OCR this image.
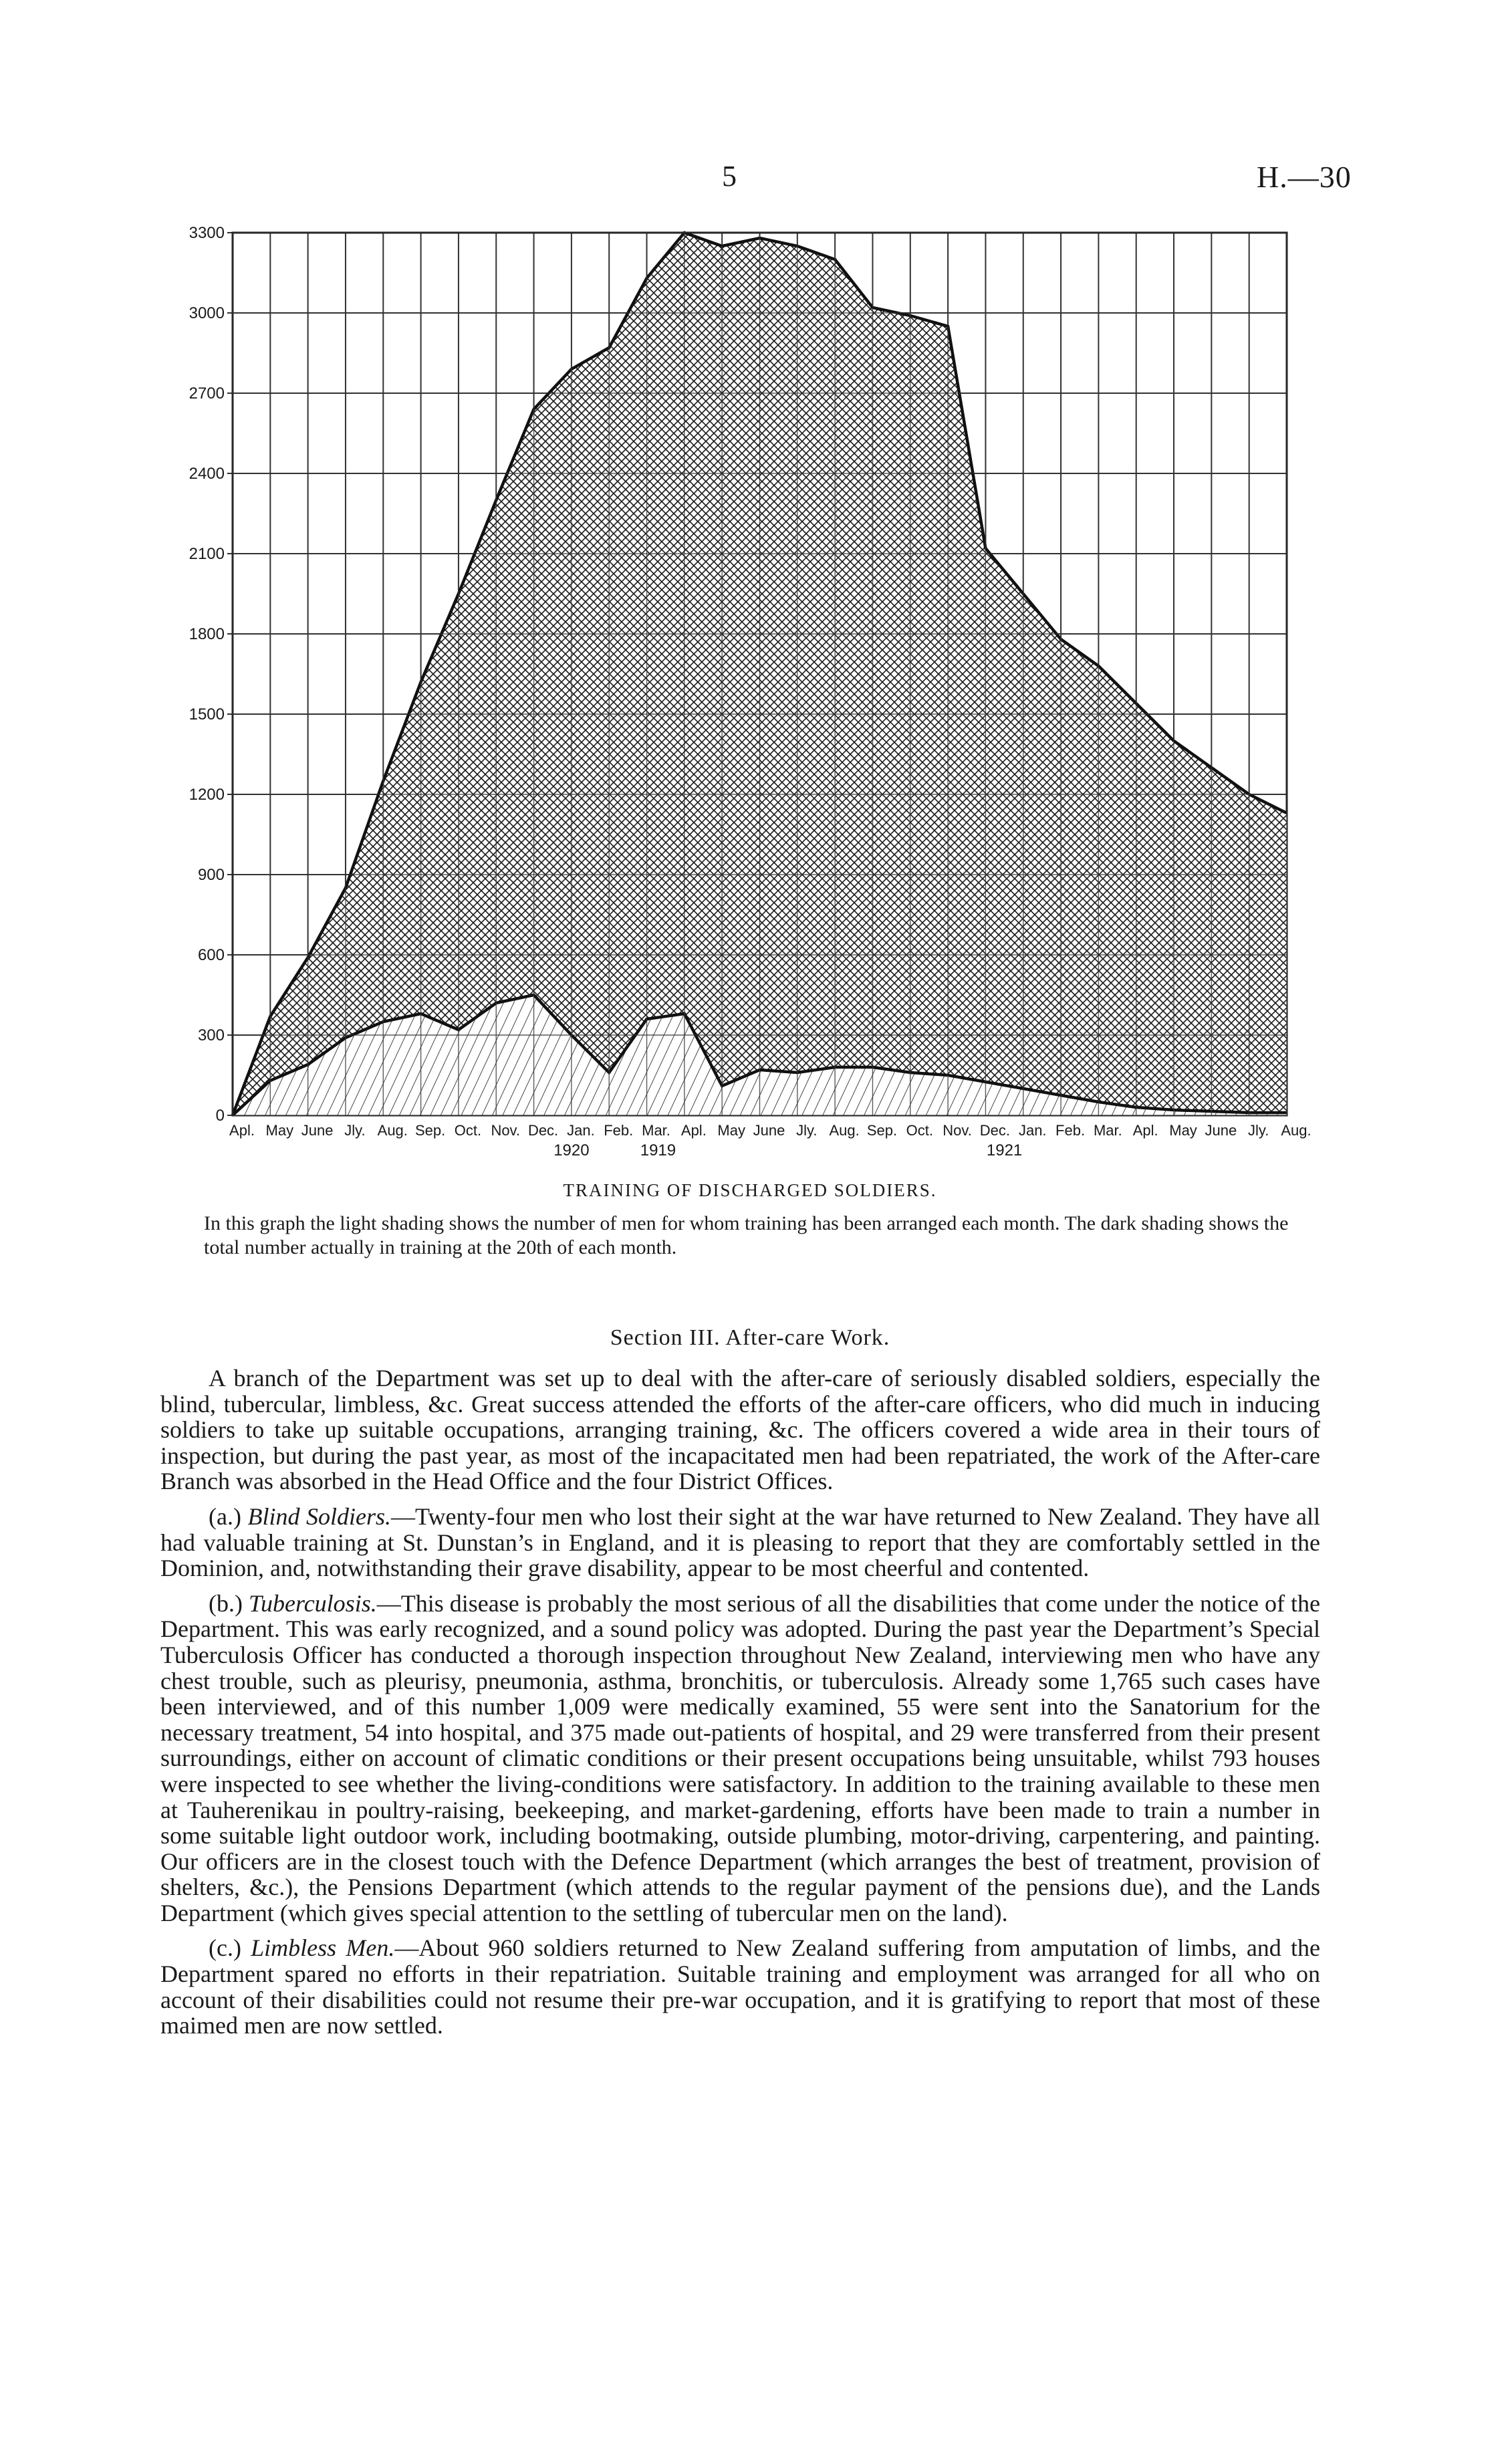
5	H.—30
0
300
600
900
1200
1500
1800
2100
2400
2700
3000
3300
Apl. May June Jly. Aug. Sep. Oct. Nov. Dec. Jan. Feb. Mar. Apl. May June Jly. Aug. Sep. Oct. Nov. Dec. Jan. Feb. Mar. Apl. May June Jly. Aug.
1920	1919	1921
TRAINING OF DISCHARGED SOLDIERS.
In this graph the light shading shows the number of men for whom training has been arranged each month. The dark shading shows the total number actually in training at the 20th of each month.
Section III. After-care Work.

A branch of the Department was set up to deal with the after-care of seriously disabled soldiers, especially the blind, tubercular, limbless, &c. Great success attended the efforts of the after-care officers, who did much in inducing soldiers to take up suitable occupations, arranging training, &c. The officers covered a wide area in their tours of inspection, but during the past year, as most of the incapacitated men had been repatriated, the work of the After-care Branch was absorbed in the Head Office and the four District Offices.

(a.) Blind Soldiers.—Twenty-four men who lost their sight at the war have returned to New Zealand. They have all had valuable training at St. Dunstan’s in England, and it is pleasing to report that they are comfortably settled in the Dominion, and, notwithstanding their grave disability, appear to be most cheerful and contented.

(b.) Tuberculosis.—This disease is probably the most serious of all the disabilities that come under the notice of the Department. This was early recognized, and a sound policy was adopted. During the past year the Department’s Special Tuberculosis Officer has conducted a thorough inspection throughout New Zealand, interviewing men who have any chest trouble, such as pleurisy, pneumonia, asthma, bronchitis, or tuberculosis. Already some 1,765 such cases have been interviewed, and of this number 1,009 were medically examined, 55 were sent into the Sanatorium for the necessary treatment, 54 into hospital, and 375 made out-patients of hospital, and 29 were transferred from their present surroundings, either on account of climatic conditions or their present occupations being unsuitable, whilst 793 houses were inspected to see whether the living-conditions were satisfactory. In addition to the training available to these men at Tauherenikau in poultry-raising, beekeeping, and market-gardening, efforts have been made to train a number in some suitable light outdoor work, including bootmaking, outside plumbing, motor-driving, carpentering, and painting. Our officers are in the closest touch with the Defence Department (which arranges the best of treatment, provision of shelters, &c.), the Pensions Department (which attends to the regular payment of the pensions due), and the Lands Department (which gives special attention to the settling of tubercular men on the land).

(c.) Limbless Men.—About 960 soldiers returned to New Zealand suffering from amputation of limbs, and the Department spared no efforts in their repatriation. Suitable training and employment was arranged for all who on account of their disabilities could not resume their pre-war occupation, and it is gratifying to report that most of these maimed men are now settled.
